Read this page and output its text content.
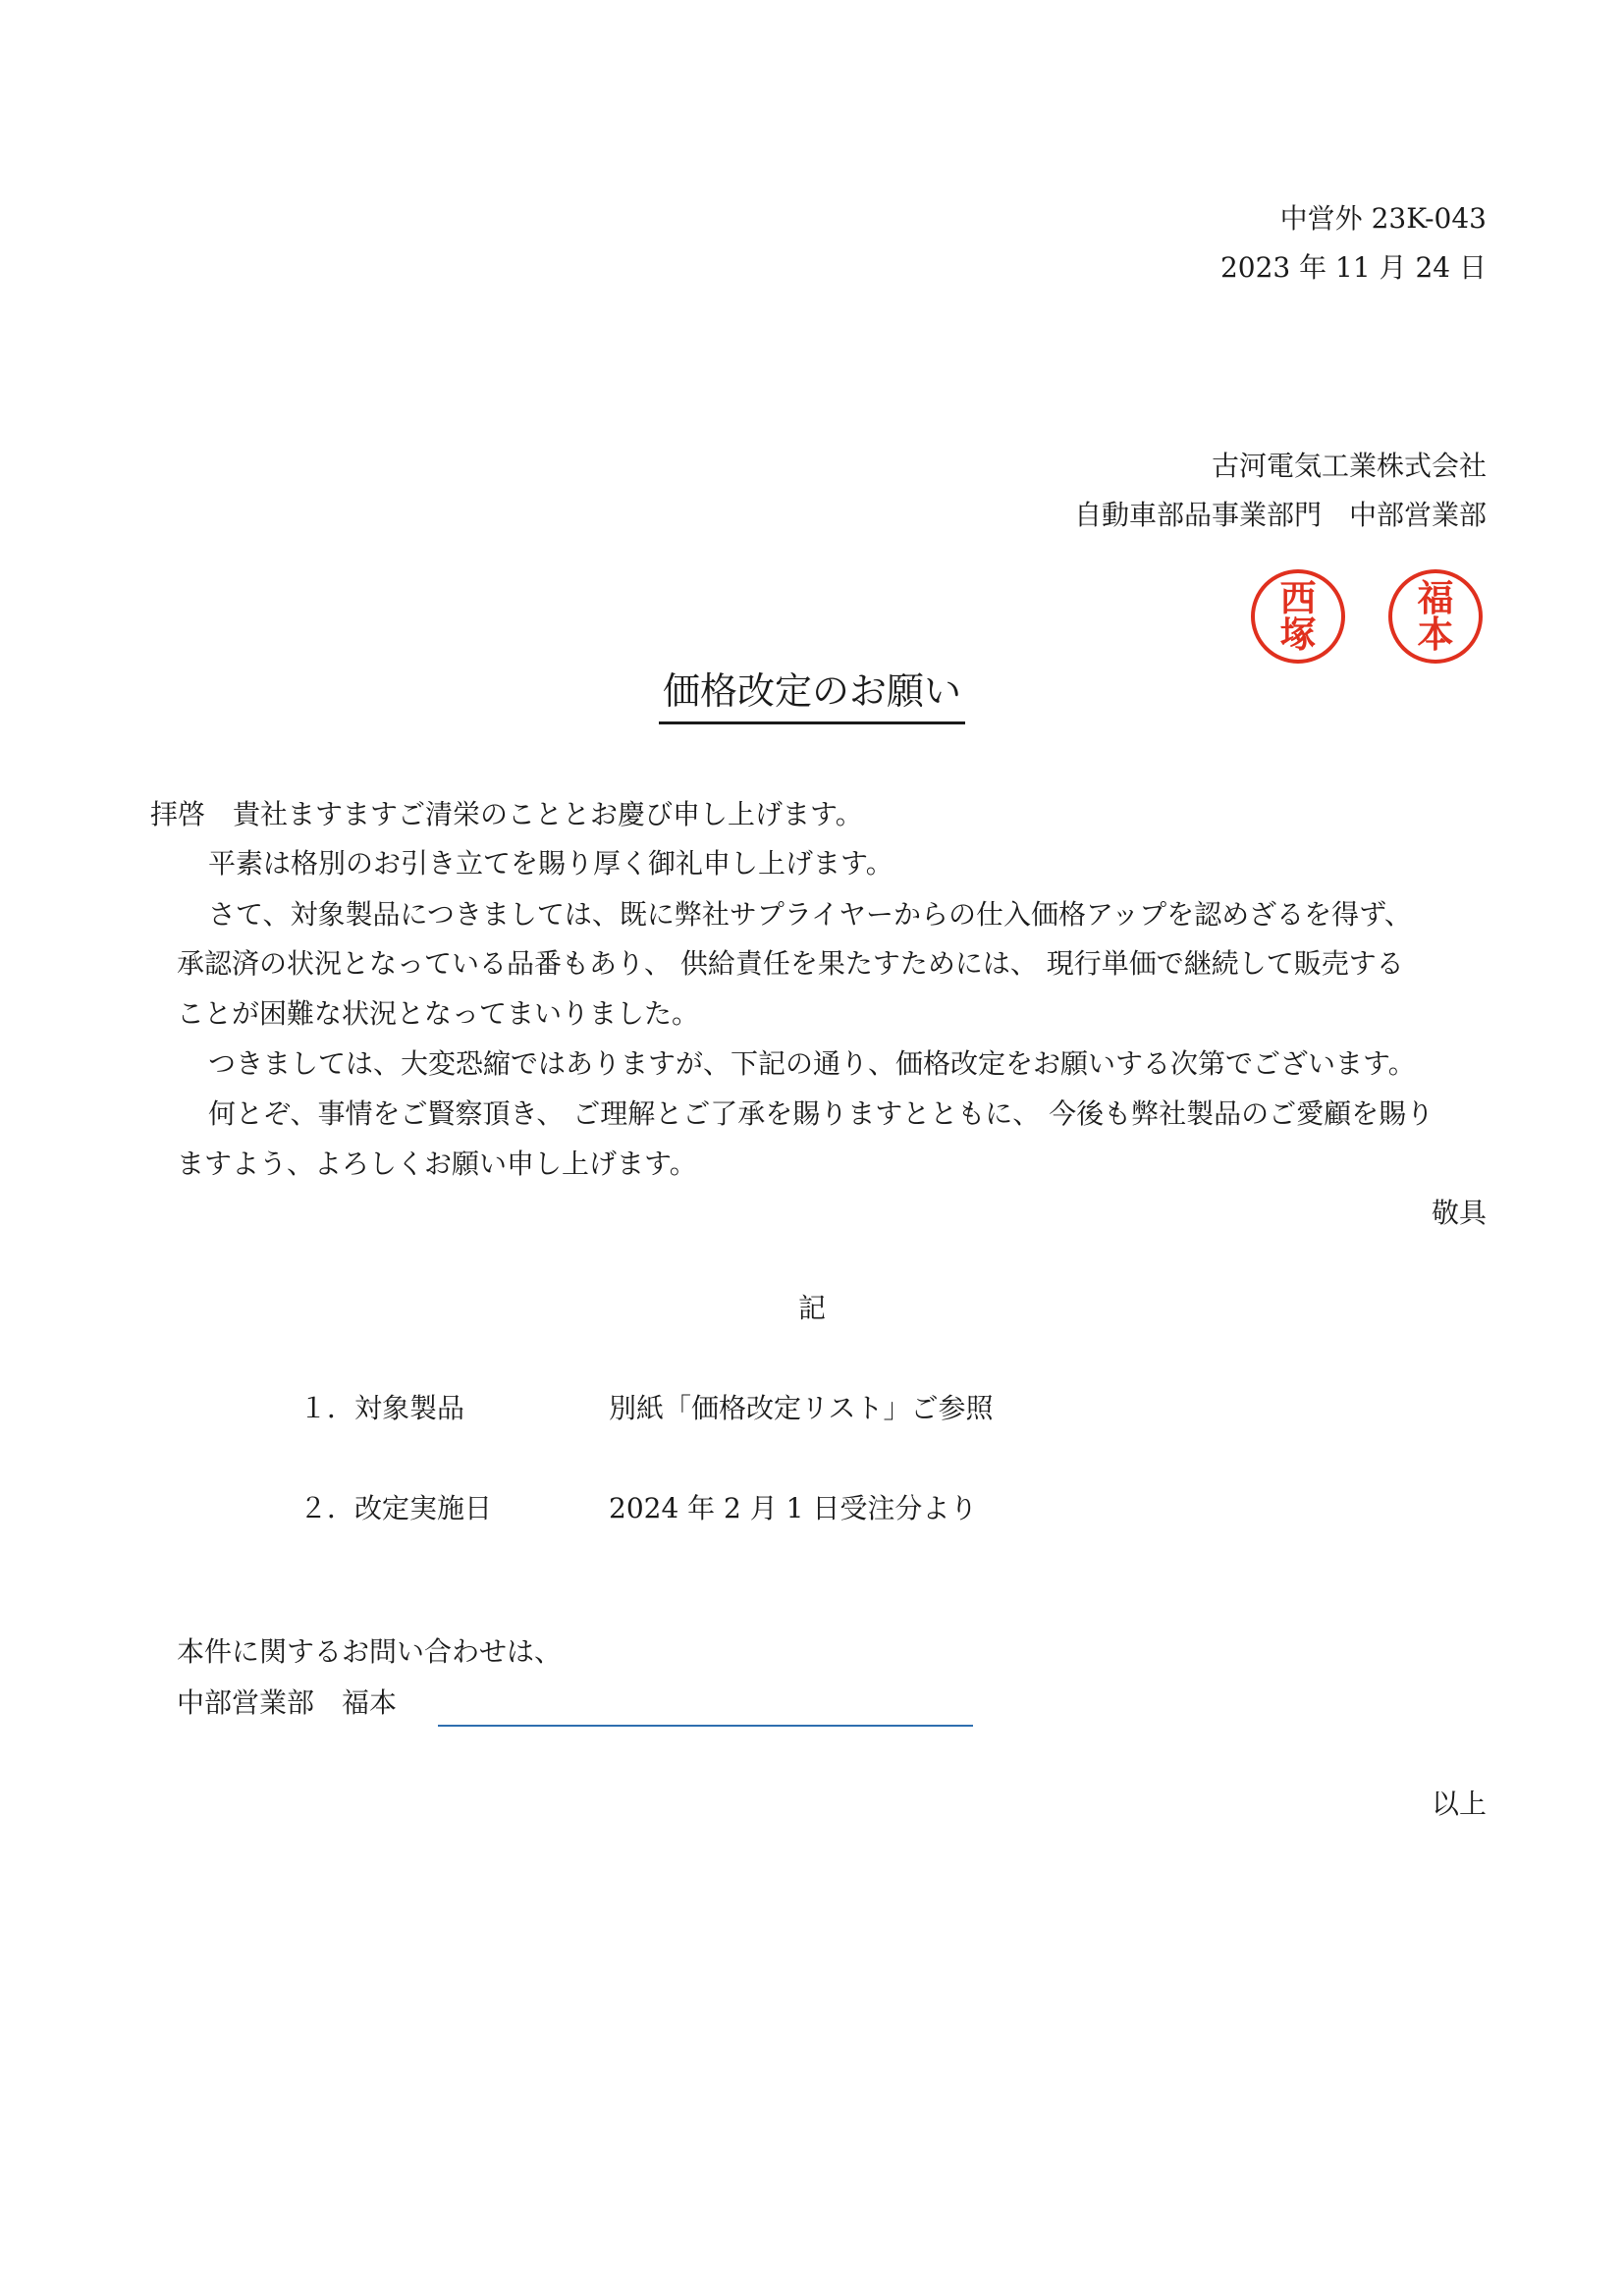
中営外 23K-043
2023 年 11 月 24 日
古河電気工業株式会社
自動車部品事業部門　中部営業部
西
塚
福
本
価格改定のお願い
拝啓　貴社ますますご清栄のこととお慶び申し上げます。
平素は格別のお引き立てを賜り厚く御礼申し上げます。
さて、対象製品につきましては、既に弊社サプライヤーからの仕入価格アップを認めざるを得ず、
承認済の状況となっている品番もあり、 供給責任を果たすためには、 現行単価で継続して販売する
ことが困難な状況となってまいりました。
つきましては、大変恐縮ではありますが、下記の通り、価格改定をお願いする次第でございます。
何とぞ、事情をご賢察頂き、 ご理解とご了承を賜りますとともに、 今後も弊社製品のご愛顧を賜り
ますよう、よろしくお願い申し上げます。
敬具
記
１．対象製品	別紙「価格改定リスト」ご参照
２．改定実施日	2024 年 2 月 1 日受注分より
本件に関するお問い合わせは、
中部営業部　福本
以上
